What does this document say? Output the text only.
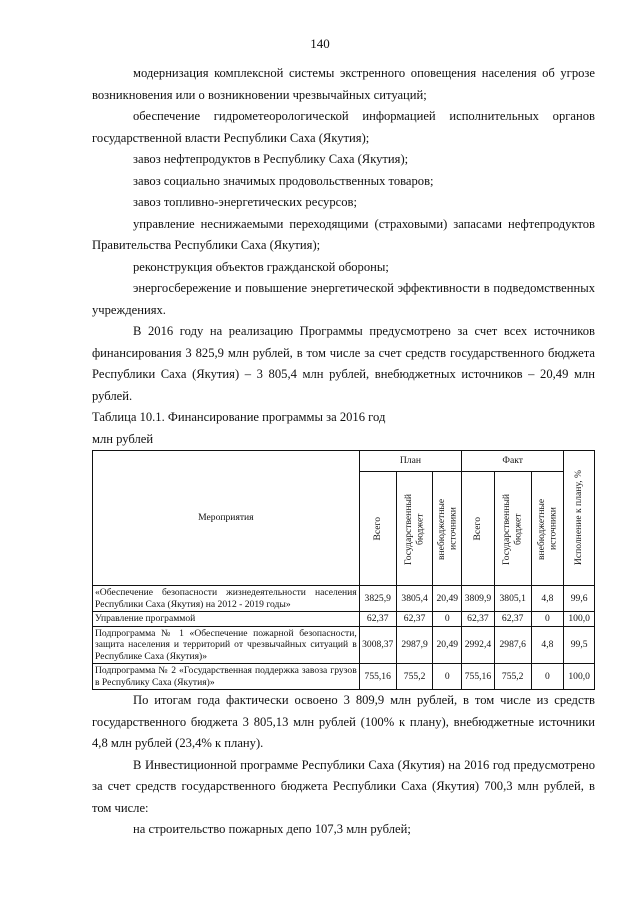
140

модернизация комплексной системы экстренного оповещения населения об угрозе возникновения или о возникновении чрезвычайных ситуаций;

обеспечение гидрометеорологической информацией исполнительных органов государственной власти Республики Саха (Якутия);

завоз нефтепродуктов в Республику Саха (Якутия);

завоз социально значимых продовольственных товаров;

завоз топливно-энергетических ресурсов;

управление неснижаемыми переходящими (страховыми) запасами нефтепродуктов Правительства Республики Саха (Якутия);

реконструкция объектов гражданской обороны;

энергосбережение и повышение энергетической эффективности в подведомственных учреждениях.

В 2016 году на реализацию Программы предусмотрено за счет всех источников финансирования 3 825,9 млн рублей, в том числе за счет средств государственного бюджета Республики Саха (Якутия) – 3 805,4 млн рублей, внебюджетных источников – 20,49 млн рублей.

Таблица 10.1. Финансирование программы за 2016 год

млн рублей

Мероприятия	План			Факт			Исполнение к плану, %

	Всего	Государственный бюджет	внебюджетные источники	Всего	Государственный бюджет	внебюджетные источники	

«Обеспечение безопасности жизнедеятельности населения Республики Саха (Якутия) на 2012 - 2019 годы»	3825,9	3805,4	20,49	3809,9	3805,1	4,8	99,6
Управление программой	62,37	62,37	0	62,37	62,37	0	100,0
Подпрограмма № 1 «Обеспечение пожарной безопасности, защита населения и территорий от чрезвычайных ситуаций в Республике Саха (Якутия)»	3008,37	2987,9	20,49	2992,4	2987,6	4,8	99,5
Подпрограмма № 2 «Государственная поддержка завоза грузов в Республику Саха (Якутия)»	755,16	755,2	0	755,16	755,2	0	100,0

По итогам года фактически освоено 3 809,9 млн рублей, в том числе из средств государственного бюджета 3 805,13 млн рублей (100% к плану), внебюджетные источники 4,8 млн рублей (23,4% к плану).

В Инвестиционной программе Республики Саха (Якутия) на 2016 год предусмотрено за счет средств государственного бюджета Республики Саха (Якутия) 700,3 млн рублей, в том числе:

на строительство пожарных депо 107,3 млн рублей;
